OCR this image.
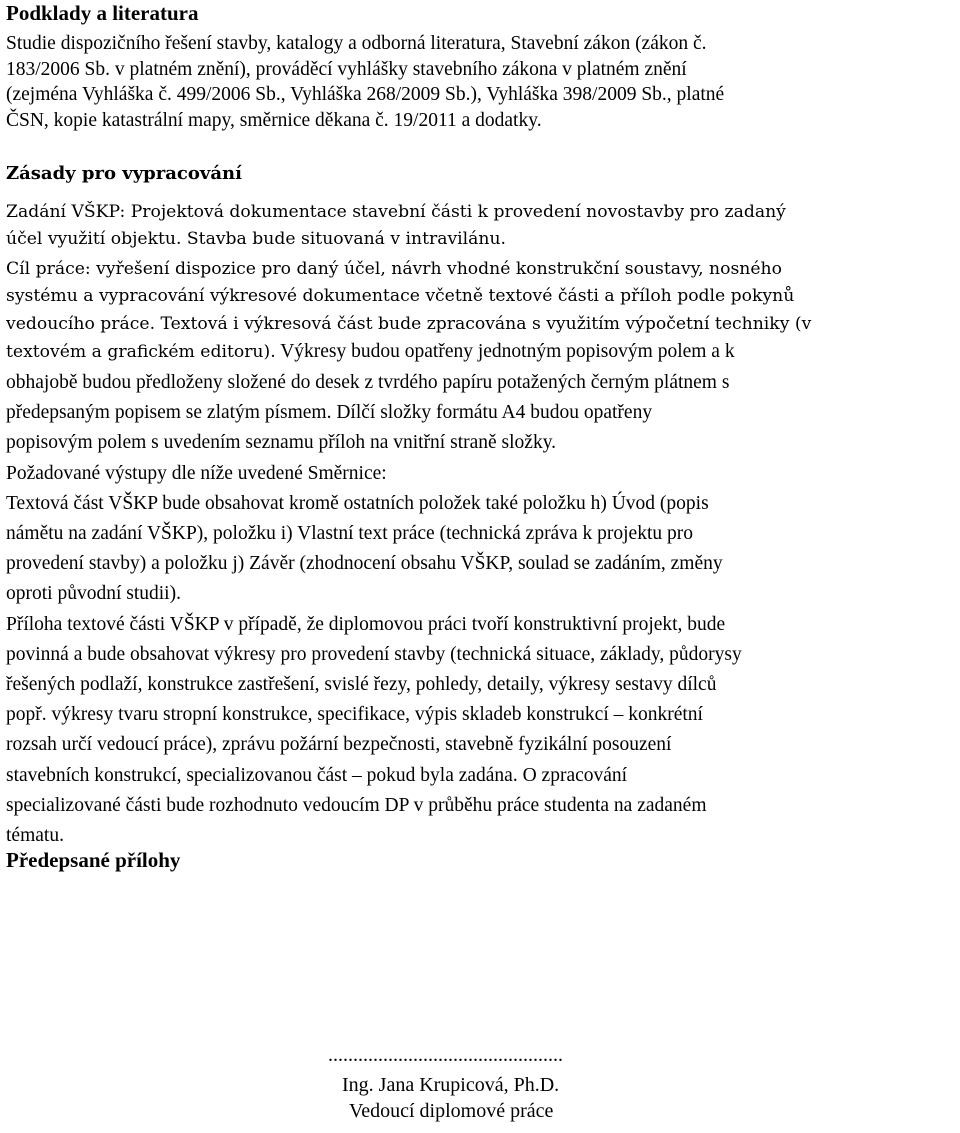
Podklady a literatura
Studie dispozičního řešení stavby, katalogy a odborná literatura, Stavební zákon (zákon č.
183/2006 Sb. v platném znění), prováděcí vyhlášky stavebního zákona v platném znění
(zejména Vyhláška č. 499/2006 Sb., Vyhláška 268/2009 Sb.), Vyhláška 398/2009 Sb., platné
ČSN, kopie katastrální mapy, směrnice děkana č. 19/2011 a dodatky.
Zásady pro vypracování
Zadání VŠKP: Projektová dokumentace stavební části k provedení novostavby pro zadaný
účel využití objektu. Stavba bude situovaná v intravilánu.
Cíl práce: vyřešení dispozice pro daný účel, návrh vhodné konstrukční soustavy, nosného
systému a vypracování výkresové dokumentace včetně textové části a příloh podle pokynů
vedoucího práce. Textová i výkresová část bude zpracována s využitím výpočetní techniky (v
textovém a grafickém editoru). Výkresy budou opatřeny jednotným popisovým polem a k
obhajobě budou předloženy složené do desek z tvrdého papíru potažených černým plátnem s
předepsaným popisem se zlatým písmem. Dílčí složky formátu A4 budou opatřeny
popisovým polem s uvedením seznamu příloh na vnitřní straně složky.
Požadované výstupy dle níže uvedené Směrnice:
Textová část VŠKP bude obsahovat kromě ostatních položek také položku h) Úvod (popis
námětu na zadání VŠKP), položku i) Vlastní text práce (technická zpráva k projektu pro
provedení stavby) a položku j) Závěr (zhodnocení obsahu VŠKP, soulad se zadáním, změny
oproti původní studii).
Příloha textové části VŠKP v případě, že diplomovou práci tvoří konstruktivní projekt, bude
povinná a bude obsahovat výkresy pro provedení stavby (technická situace, základy, půdorysy
řešených podlaží, konstrukce zastřešení, svislé řezy, pohledy, detaily, výkresy sestavy dílců
popř. výkresy tvaru stropní konstrukce, specifikace, výpis skladeb konstrukcí – konkrétní
rozsah určí vedoucí práce), zprávu požární bezpečnosti, stavebně fyzikální posouzení
stavebních konstrukcí, specializovanou část – pokud byla zadána. O zpracování
specializované části bude rozhodnuto vedoucím DP v průběhu práce studenta na zadaném
tématu.
Předepsané přílohy
...............................................
Ing. Jana Krupicová, Ph.D.
Vedoucí diplomové práce
